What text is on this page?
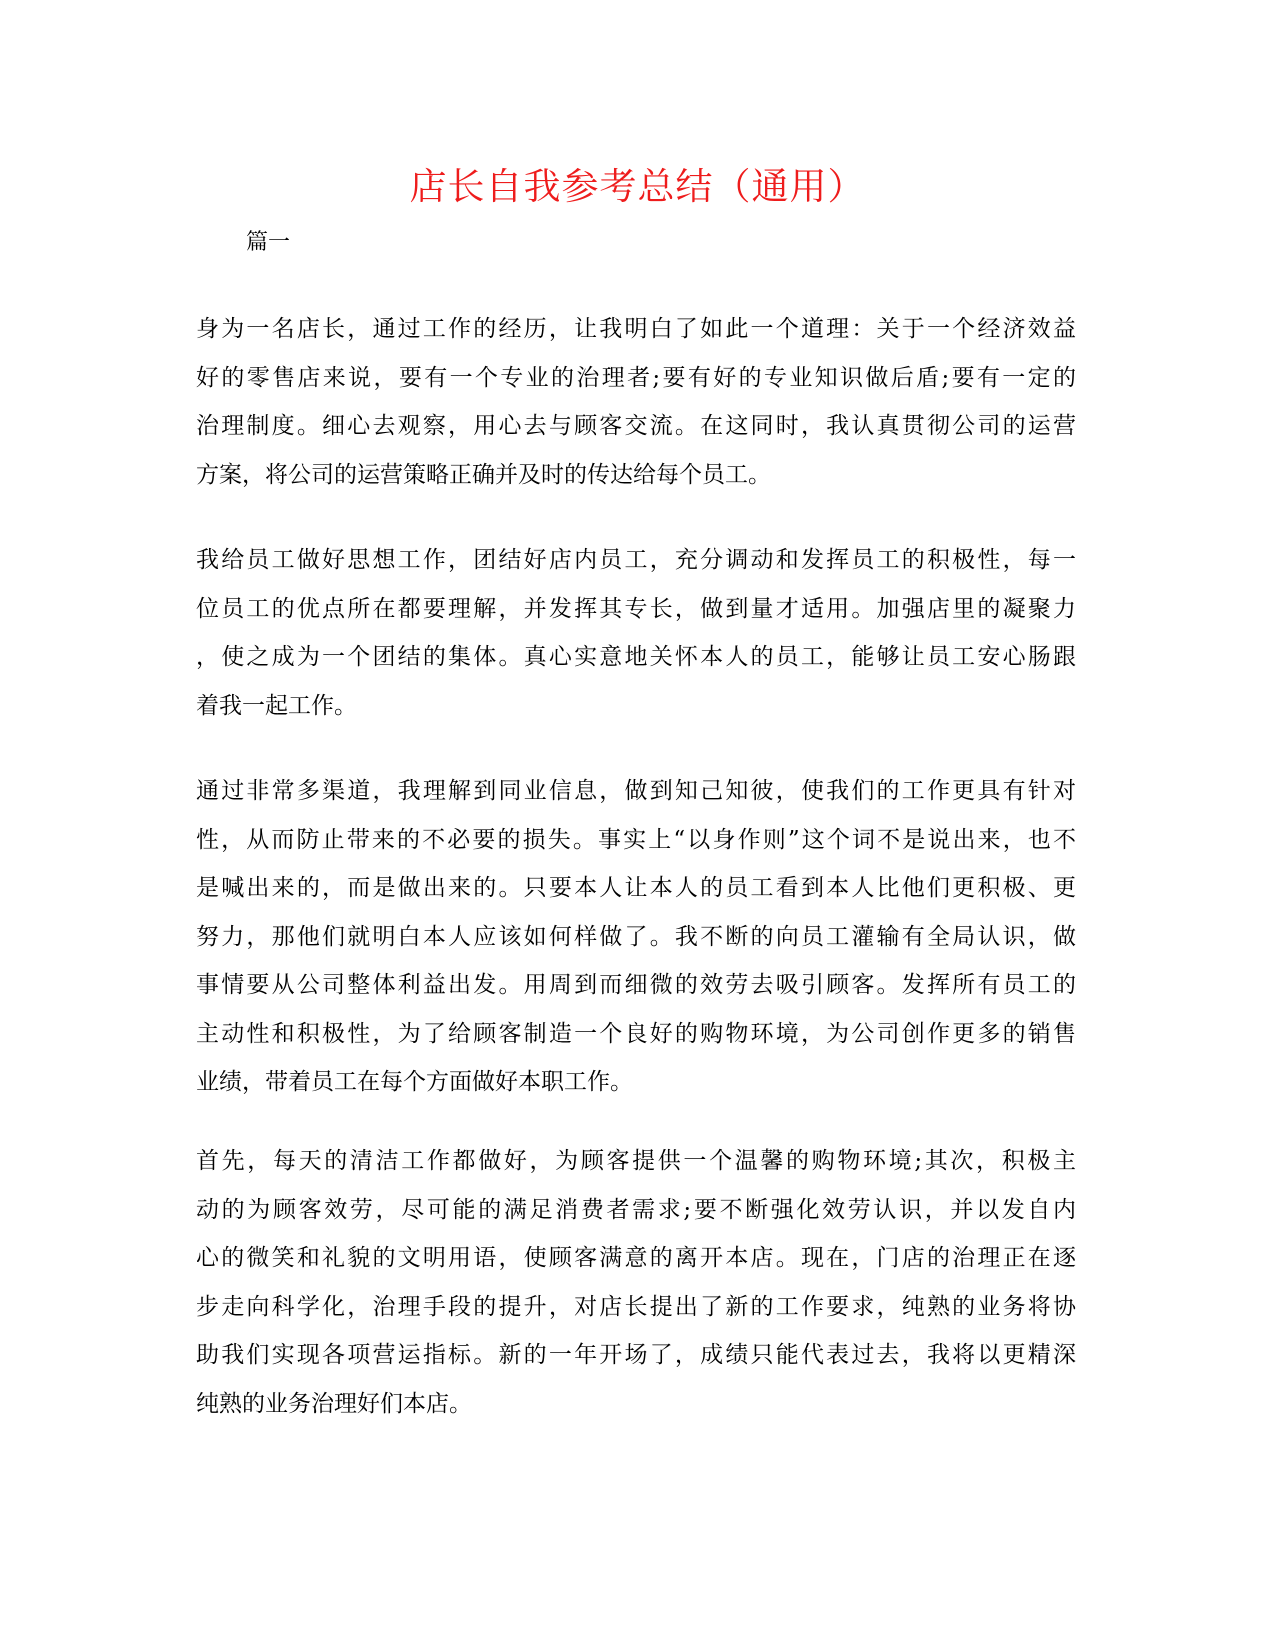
店长自我参考总结（通用）
篇一
身为一名店长，通过工作的经历，让我明白了如此一个道理：关于一个经济效益
好的零售店来说，要有一个专业的治理者;要有好的专业知识做后盾;要有一定的
治理制度。细心去观察，用心去与顾客交流。在这同时，我认真贯彻公司的运营
方案，将公司的运营策略正确并及时的传达给每个员工。
我给员工做好思想工作，团结好店内员工，充分调动和发挥员工的积极性，每一
位员工的优点所在都要理解，并发挥其专长，做到量才适用。加强店里的凝聚力
，使之成为一个团结的集体。真心实意地关怀本人的员工，能够让员工安心肠跟
着我一起工作。
通过非常多渠道，我理解到同业信息，做到知己知彼，使我们的工作更具有针对
性，从而防止带来的不必要的损失。事实上“以身作则”这个词不是说出来，也不
是喊出来的，而是做出来的。只要本人让本人的员工看到本人比他们更积极、更
努力，那他们就明白本人应该如何样做了。我不断的向员工灌输有全局认识，做
事情要从公司整体利益出发。用周到而细微的效劳去吸引顾客。发挥所有员工的
主动性和积极性，为了给顾客制造一个良好的购物环境，为公司创作更多的销售
业绩，带着员工在每个方面做好本职工作。
首先，每天的清洁工作都做好，为顾客提供一个温馨的购物环境;其次，积极主
动的为顾客效劳，尽可能的满足消费者需求;要不断强化效劳认识，并以发自内
心的微笑和礼貌的文明用语，使顾客满意的离开本店。现在，门店的治理正在逐
步走向科学化，治理手段的提升，对店长提出了新的工作要求，纯熟的业务将协
助我们实现各项营运指标。新的一年开场了，成绩只能代表过去，我将以更精深
纯熟的业务治理好们本店。
